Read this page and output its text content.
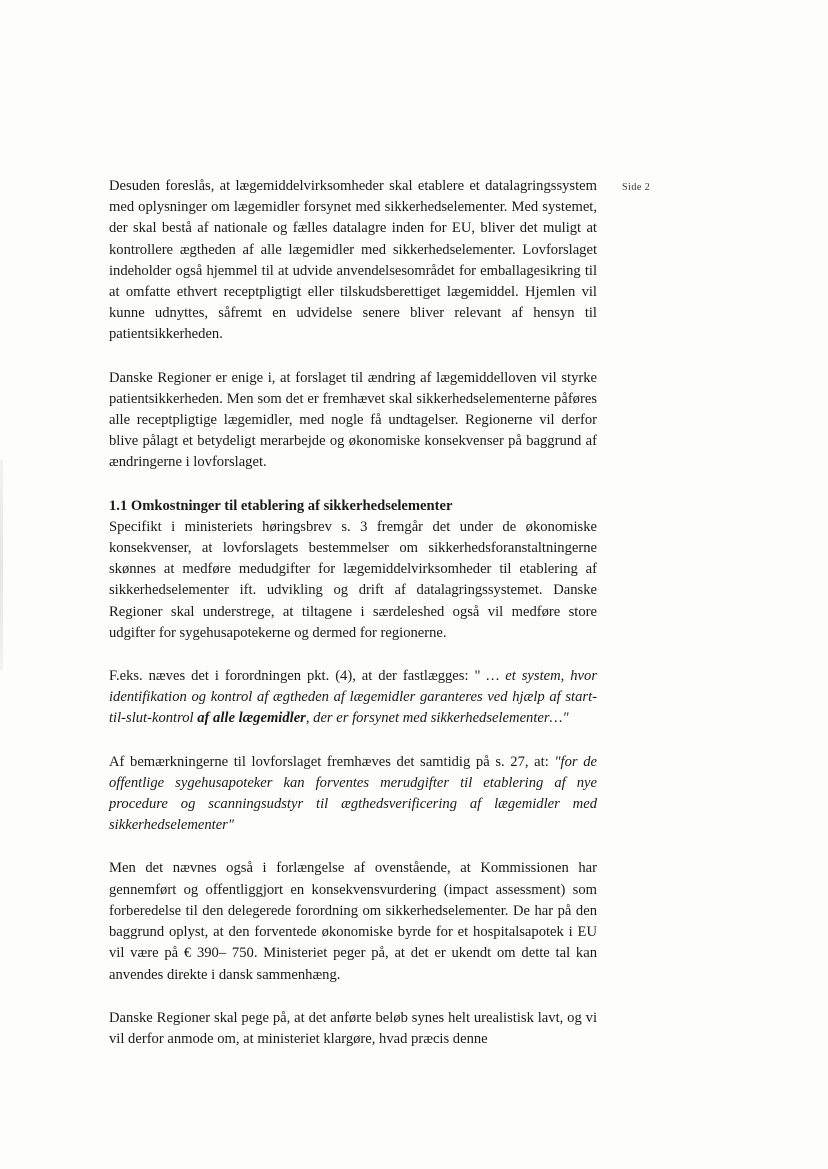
Side 2

Desuden foreslås, at lægemiddelvirksomheder skal etablere et datalagringssystem med oplysninger om lægemidler forsynet med sikkerhedselementer. Med systemet, der skal bestå af nationale og fælles datalagre inden for EU, bliver det muligt at kontrollere ægtheden af alle lægemidler med sikkerhedselementer. Lovforslaget indeholder også hjemmel til at udvide anvendelsesområdet for emballagesikring til at omfatte ethvert receptpligtigt eller tilskudsberettiget lægemiddel. Hjemlen vil kunne udnyttes, såfremt en udvidelse senere bliver relevant af hensyn til patientsikkerheden.

Danske Regioner er enige i, at forslaget til ændring af lægemiddelloven vil styrke patientsikkerheden. Men som det er fremhævet skal sikkerhedselementerne påføres alle receptpligtige lægemidler, med nogle få undtagelser. Regionerne vil derfor blive pålagt et betydeligt merarbejde og økonomiske konsekvenser på baggrund af ændringerne i lovforslaget.

1.1 Omkostninger til etablering af sikkerhedselementer

Specifikt i ministeriets høringsbrev s. 3 fremgår det under de økonomiske konsekvenser, at lovforslagets bestemmelser om sikkerhedsforanstaltningerne skønnes at medføre medudgifter for lægemiddelvirksomheder til etablering af sikkerhedselementer ift. udvikling og drift af datalagringssystemet. Danske Regioner skal understrege, at tiltagene i særdeleshed også vil medføre store udgifter for sygehusapotekerne og dermed for regionerne.

F.eks. næves det i forordningen pkt. (4), at der fastlægges: " … et system, hvor identifikation og kontrol af ægtheden af lægemidler garanteres ved hjælp af start-til-slut-kontrol af alle lægemidler, der er forsynet med sikkerhedselementer…"

Af bemærkningerne til lovforslaget fremhæves det samtidig på s. 27, at: "for de offentlige sygehusapoteker kan forventes merudgifter til etablering af nye procedure og scanningsudstyr til ægthedsverificering af lægemidler med sikkerhedselementer"

Men det nævnes også i forlængelse af ovenstående, at Kommissionen har gennemført og offentliggjort en konsekvensvurdering (impact assessment) som forberedelse til den delegerede forordning om sikkerhedselementer. De har på den baggrund oplyst, at den forventede økonomiske byrde for et hospitalsapotek i EU vil være på € 390– 750. Ministeriet peger på, at det er ukendt om dette tal kan anvendes direkte i dansk sammenhæng.

Danske Regioner skal pege på, at det anførte beløb synes helt urealistisk lavt, og vi vil derfor anmode om, at ministeriet klargøre, hvad præcis denne
